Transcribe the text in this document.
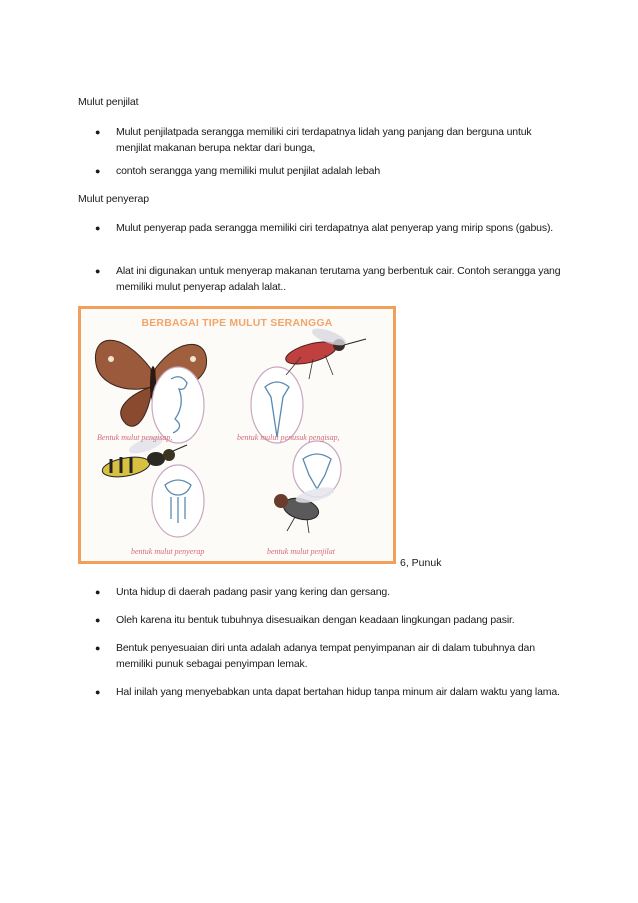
Mulut penjilat
● Mulut penjilatpada serangga memiliki ciri terdapatnya lidah yang panjang dan berguna untuk menjilat makanan berupa nektar dari bunga,
● contoh serangga yang memiliki mulut penjilat adalah lebah
Mulut penyerap
● Mulut penyerap pada serangga memiliki ciri terdapatnya alat penyerap yang mirip spons (gabus).
● Alat ini digunakan untuk menyerap makanan terutama yang berbentuk cair. Contoh serangga yang memiliki mulut penyerap adalah lalat..
BERBAGAI TIPE MULUT SERANGGA
Bentuk mulut pengisap,	bentuk mulut penusuk pengisap,
bentuk mulut penyerap	bentuk mulut penjilat
6, Punuk
● Unta hidup di daerah padang pasir yang kering dan gersang.
● Oleh karena itu bentuk tubuhnya disesuaikan dengan keadaan lingkungan padang pasir.
● Bentuk penyesuaian diri unta adalah adanya tempat penyimpanan air di dalam tubuhnya dan memiliki punuk sebagai penyimpan lemak.
● Hal inilah yang menyebabkan unta dapat bertahan hidup tanpa minum air dalam waktu yang lama.
